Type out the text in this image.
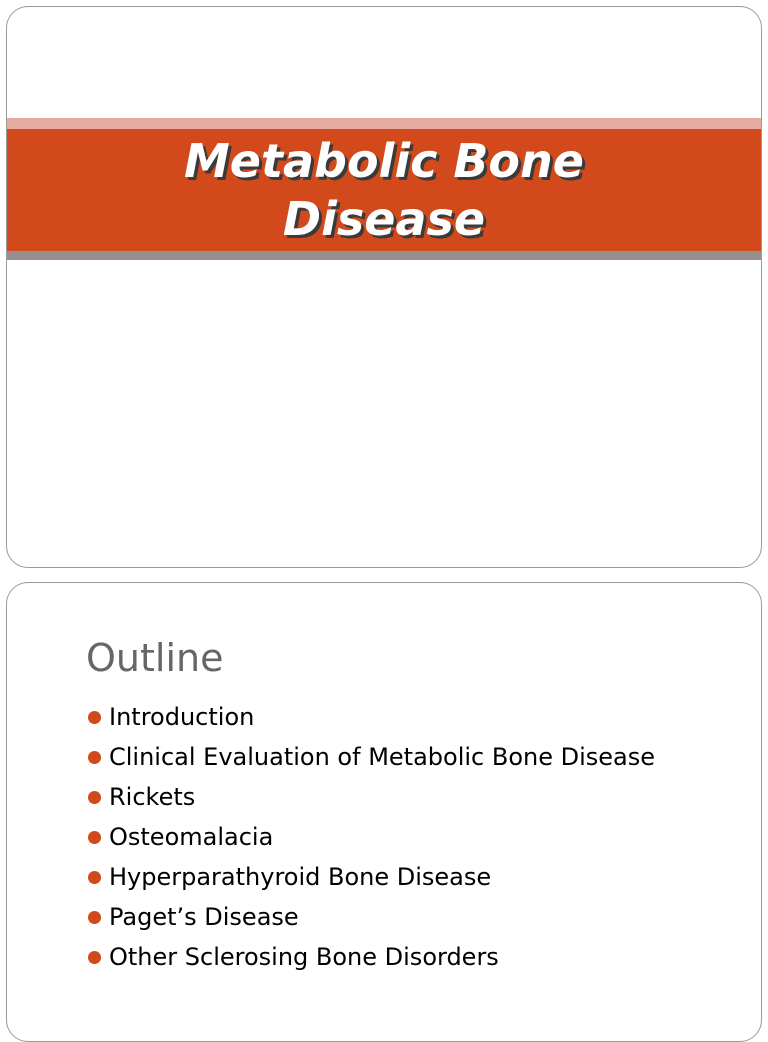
Metabolic Bone Disease
Outline
Introduction
Clinical Evaluation of Metabolic Bone Disease
Rickets
Osteomalacia
Hyperparathyroid Bone Disease
Paget’s Disease
Other Sclerosing Bone Disorders
